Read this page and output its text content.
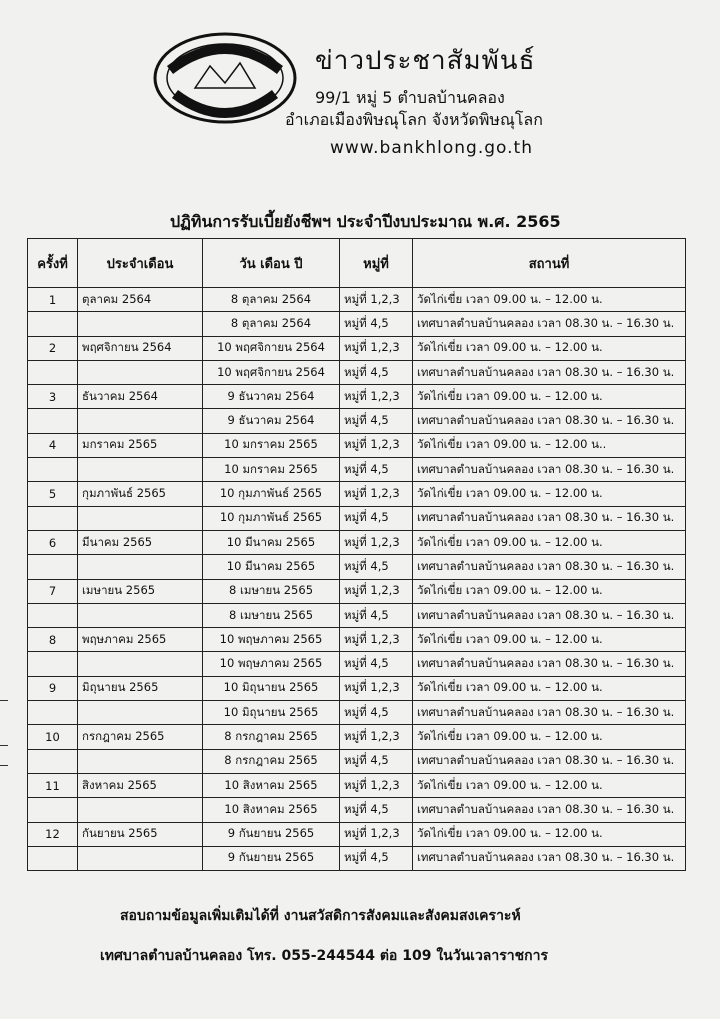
ข่าวประชาสัมพันธ์
99/1 หมู่ 5 ตำบลบ้านคลอง
อำเภอเมืองพิษณุโลก จังหวัดพิษณุโลก
www.bankhlong.go.th
ปฏิทินการรับเบี้ยยังชีพฯ ประจำปีงบประมาณ พ.ศ. 2565
ครั้งที่	ประจำเดือน	วัน เดือน ปี	หมู่ที่	สถานที่
1	ตุลาคม 2564	8 ตุลาคม 2564	หมู่ที่ 1,2,3	วัดไก่เขี่ย เวลา 09.00 น. – 12.00 น.
		8 ตุลาคม 2564	หมู่ที่ 4,5	เทศบาลตำบลบ้านคลอง เวลา 08.30 น. – 16.30 น.
2	พฤศจิกายน 2564	10 พฤศจิกายน 2564	หมู่ที่ 1,2,3	วัดไก่เขี่ย เวลา 09.00 น. – 12.00 น.
		10 พฤศจิกายน 2564	หมู่ที่ 4,5	เทศบาลตำบลบ้านคลอง เวลา 08.30 น. – 16.30 น.
3	ธันวาคม 2564	9 ธันวาคม 2564	หมู่ที่ 1,2,3	วัดไก่เขี่ย เวลา 09.00 น. – 12.00 น.
		9 ธันวาคม 2564	หมู่ที่ 4,5	เทศบาลตำบลบ้านคลอง เวลา 08.30 น. – 16.30 น.
4	มกราคม 2565	10 มกราคม 2565	หมู่ที่ 1,2,3	วัดไก่เขี่ย เวลา 09.00 น. – 12.00 น..
		10 มกราคม 2565	หมู่ที่ 4,5	เทศบาลตำบลบ้านคลอง เวลา 08.30 น. – 16.30 น.
5	กุมภาพันธ์ 2565	10 กุมภาพันธ์ 2565	หมู่ที่ 1,2,3	วัดไก่เขี่ย เวลา 09.00 น. – 12.00 น.
		10 กุมภาพันธ์ 2565	หมู่ที่ 4,5	เทศบาลตำบลบ้านคลอง เวลา 08.30 น. – 16.30 น.
6	มีนาคม 2565	10 มีนาคม 2565	หมู่ที่ 1,2,3	วัดไก่เขี่ย เวลา 09.00 น. – 12.00 น.
		10 มีนาคม 2565	หมู่ที่ 4,5	เทศบาลตำบลบ้านคลอง เวลา 08.30 น. – 16.30 น.
7	เมษายน 2565	8 เมษายน 2565	หมู่ที่ 1,2,3	วัดไก่เขี่ย เวลา 09.00 น. – 12.00 น.
		8 เมษายน 2565	หมู่ที่ 4,5	เทศบาลตำบลบ้านคลอง เวลา 08.30 น. – 16.30 น.
8	พฤษภาคม 2565	10 พฤษภาคม 2565	หมู่ที่ 1,2,3	วัดไก่เขี่ย เวลา 09.00 น. – 12.00 น.
		10 พฤษภาคม 2565	หมู่ที่ 4,5	เทศบาลตำบลบ้านคลอง เวลา 08.30 น. – 16.30 น.
9	มิถุนายน 2565	10 มิถุนายน 2565	หมู่ที่ 1,2,3	วัดไก่เขี่ย เวลา 09.00 น. – 12.00 น.
		10 มิถุนายน 2565	หมู่ที่ 4,5	เทศบาลตำบลบ้านคลอง เวลา 08.30 น. – 16.30 น.
10	กรกฎาคม 2565	8 กรกฎาคม 2565	หมู่ที่ 1,2,3	วัดไก่เขี่ย เวลา 09.00 น. – 12.00 น.
		8 กรกฎาคม 2565	หมู่ที่ 4,5	เทศบาลตำบลบ้านคลอง เวลา 08.30 น. – 16.30 น.
11	สิงหาคม 2565	10 สิงหาคม 2565	หมู่ที่ 1,2,3	วัดไก่เขี่ย เวลา 09.00 น. – 12.00 น.
		10 สิงหาคม 2565	หมู่ที่ 4,5	เทศบาลตำบลบ้านคลอง เวลา 08.30 น. – 16.30 น.
12	กันยายน 2565	9 กันยายน 2565	หมู่ที่ 1,2,3	วัดไก่เขี่ย เวลา 09.00 น. – 12.00 น.
		9 กันยายน 2565	หมู่ที่ 4,5	เทศบาลตำบลบ้านคลอง เวลา 08.30 น. – 16.30 น.
สอบถามข้อมูลเพิ่มเติมได้ที่ งานสวัสดิการสังคมและสังคมสงเคราะห์
เทศบาลตำบลบ้านคลอง โทร. 055-244544 ต่อ 109 ในวันเวลาราชการ
